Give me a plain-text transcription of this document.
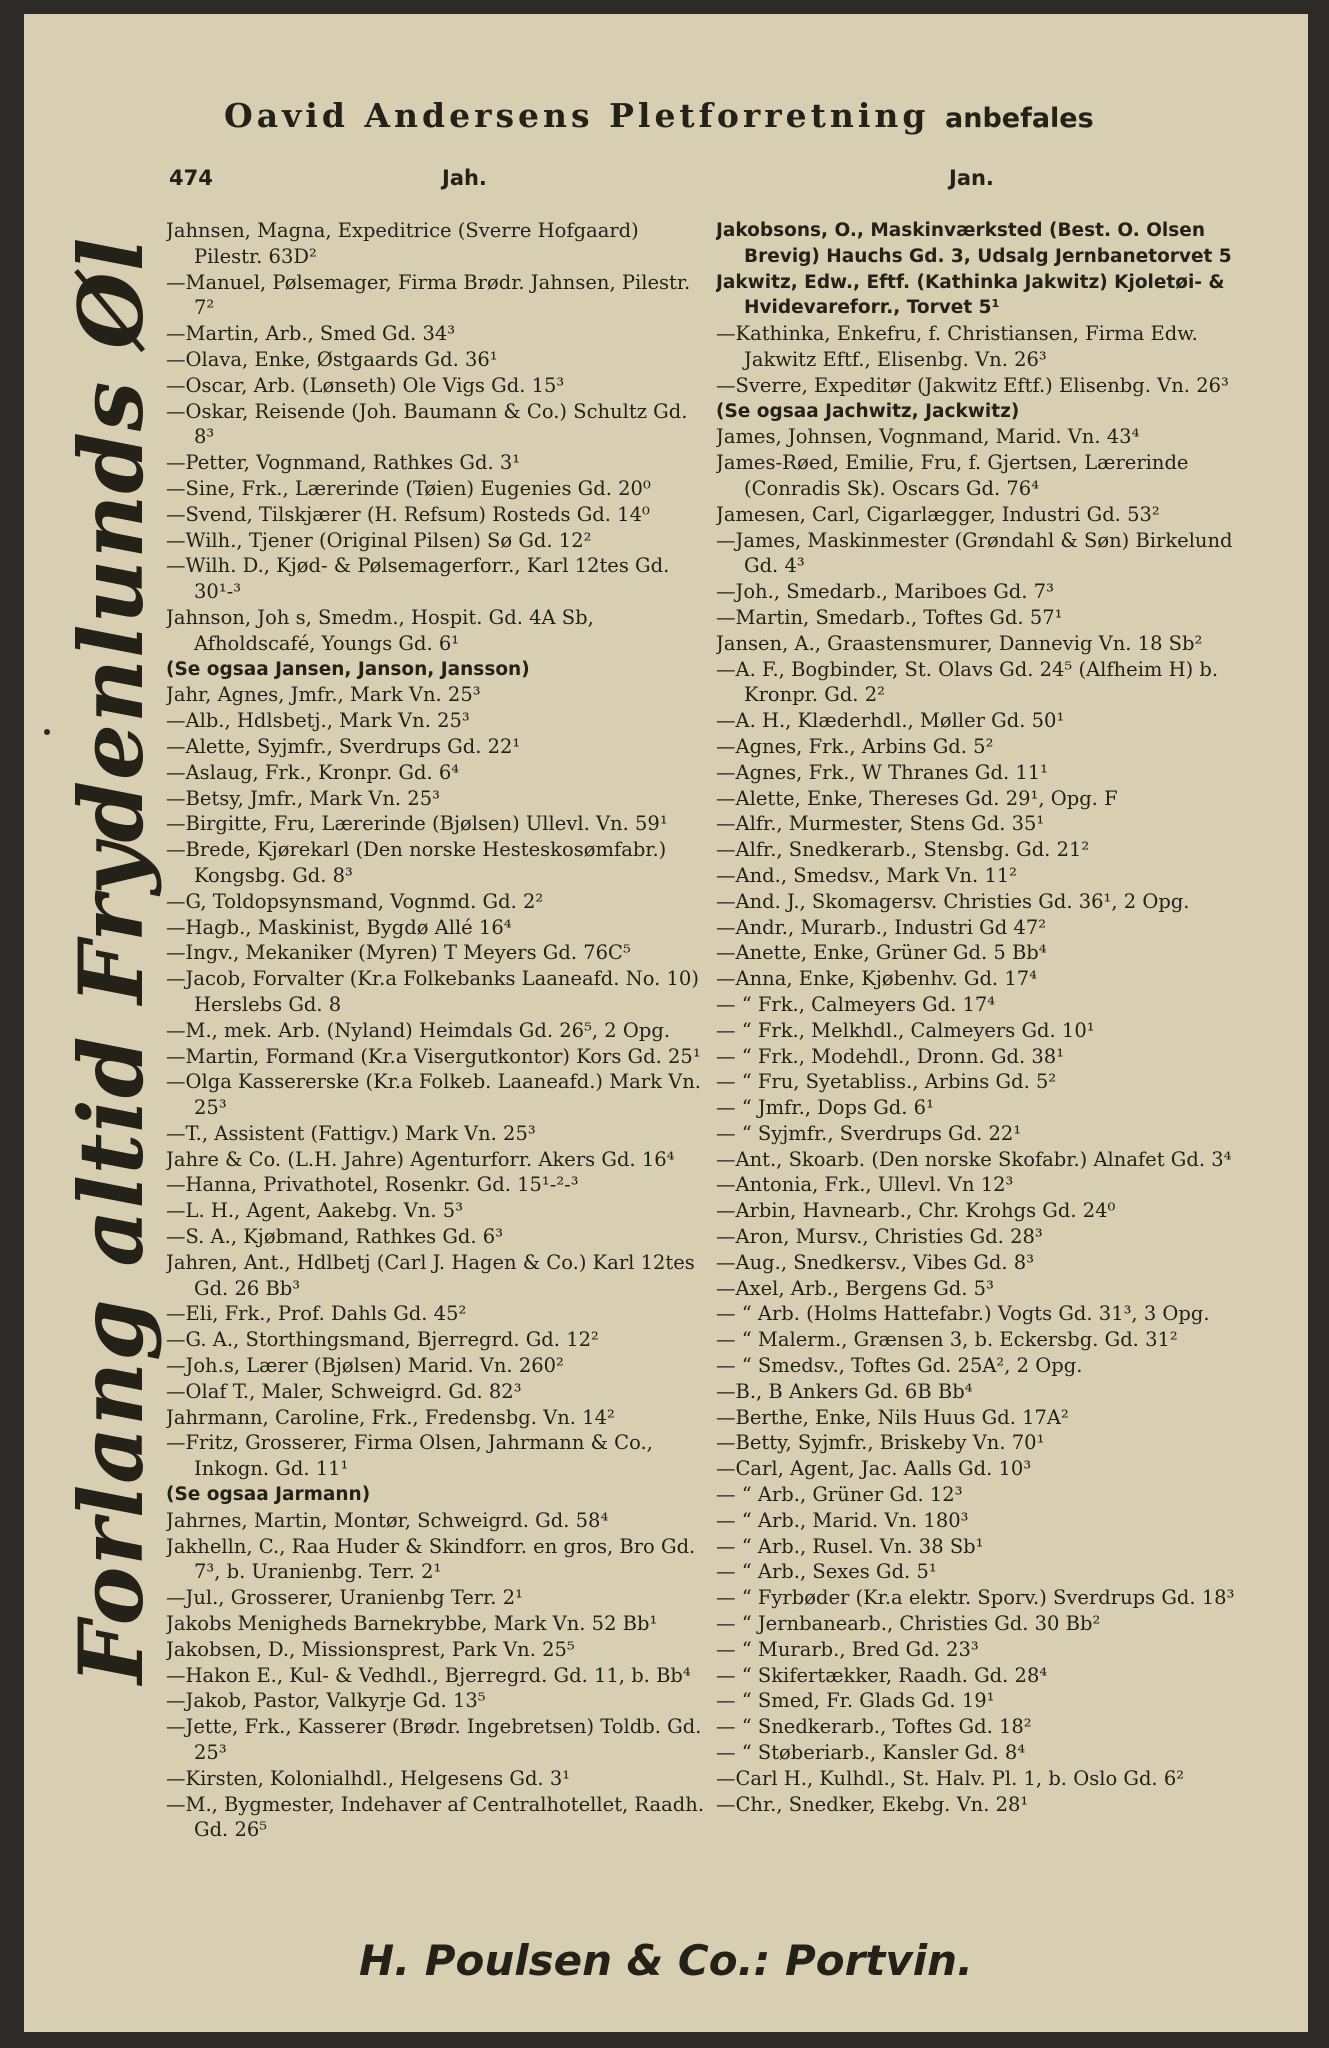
Oavid Andersens Pletforretning anbefales
474	Jah.	Jan.
Forlang altid Frydenlunds Øl
Jahnsen, Magna, Expeditrice (Sverre Hofgaard) Pilestr. 63D²
—Manuel, Pølsemager, Firma Brødr. Jahnsen, Pilestr. 7²
—Martin, Arb., Smed Gd. 34³
—Olava, Enke, Østgaards Gd. 36¹
—Oscar, Arb. (Lønseth) Ole Vigs Gd. 15³
—Oskar, Reisende (Joh. Baumann & Co.) Schultz Gd. 8³
—Petter, Vognmand, Rathkes Gd. 3¹
—Sine, Frk., Lærerinde (Tøien) Eugenies Gd. 20⁰
—Svend, Tilskjærer (H. Refsum) Rosteds Gd. 14⁰
—Wilh., Tjener (Original Pilsen) Sø Gd. 12²
—Wilh. D., Kjød- & Pølsemagerforr., Karl 12tes Gd. 30¹-³
Jahnson, Joh s, Smedm., Hospit. Gd. 4A Sb, Afholdscafé, Youngs Gd. 6¹
(Se ogsaa Jansen, Janson, Jansson)
Jahr, Agnes, Jmfr., Mark Vn. 25³
—Alb., Hdlsbetj., Mark Vn. 25³
—Alette, Syjmfr., Sverdrups Gd. 22¹
—Aslaug, Frk., Kronpr. Gd. 6⁴
—Betsy, Jmfr., Mark Vn. 25³
—Birgitte, Fru, Lærerinde (Bjølsen) Ullevl. Vn. 59¹
—Brede, Kjørekarl (Den norske Hesteskosømfabr.) Kongsbg. Gd. 8³
—G, Toldopsynsmand, Vognmd. Gd. 2²
—Hagb., Maskinist, Bygdø Allé 16⁴
—Ingv., Mekaniker (Myren) T Meyers Gd. 76C⁵
—Jacob, Forvalter (Kr.a Folkebanks Laaneafd. No. 10) Herslebs Gd. 8
—M., mek. Arb. (Nyland) Heimdals Gd. 26⁵, 2 Opg.
—Martin, Formand (Kr.a Visergutkontor) Kors Gd. 25¹
—Olga Kassererske (Kr.a Folkeb. Laaneafd.) Mark Vn. 25³
—T., Assistent (Fattigv.) Mark Vn. 25³
Jahre & Co. (L.H. Jahre) Agenturforr. Akers Gd. 16⁴
—Hanna, Privathotel, Rosenkr. Gd. 15¹-²-³
—L. H., Agent, Aakebg. Vn. 5³
—S. A., Kjøbmand, Rathkes Gd. 6³
Jahren, Ant., Hdlbetj (Carl J. Hagen & Co.) Karl 12tes Gd. 26 Bb³
—Eli, Frk., Prof. Dahls Gd. 45²
—G. A., Storthingsmand, Bjerregrd. Gd. 12²
—Joh.s, Lærer (Bjølsen) Marid. Vn. 260²
—Olaf T., Maler, Schweigrd. Gd. 82³
Jahrmann, Caroline, Frk., Fredensbg. Vn. 14²
—Fritz, Grosserer, Firma Olsen, Jahrmann & Co., Inkogn. Gd. 11¹
(Se ogsaa Jarmann)
Jahrnes, Martin, Montør, Schweigrd. Gd. 58⁴
Jakhelln, C., Raa Huder & Skindforr. en gros, Bro Gd. 7³, b. Uranienbg. Terr. 2¹
—Jul., Grosserer, Uranienbg Terr. 2¹
Jakobs Menigheds Barnekrybbe, Mark Vn. 52 Bb¹
Jakobsen, D., Missionsprest, Park Vn. 25⁵
—Hakon E., Kul- & Vedhdl., Bjerregrd. Gd. 11, b. Bb⁴
—Jakob, Pastor, Valkyrje Gd. 13⁵
—Jette, Frk., Kasserer (Brødr. Ingebretsen) Toldb. Gd. 25³
—Kirsten, Kolonialhdl., Helgesens Gd. 3¹
—M., Bygmester, Indehaver af Centralhotellet, Raadh. Gd. 26⁵
Jakobsons, O., Maskinværksted (Best. O. Olsen Brevig) Hauchs Gd. 3, Udsalg Jernbanetorvet 5
Jakwitz, Edw., Eftf. (Kathinka Jakwitz) Kjoletøi- & Hvidevareforr., Torvet 5¹
—Kathinka, Enkefru, f. Christiansen, Firma Edw. Jakwitz Eftf., Elisenbg. Vn. 26³
—Sverre, Expeditør (Jakwitz Eftf.) Elisenbg. Vn. 26³
(Se ogsaa Jachwitz, Jackwitz)
James, Johnsen, Vognmand, Marid. Vn. 43⁴
James-Røed, Emilie, Fru, f. Gjertsen, Lærerinde (Conradis Sk). Oscars Gd. 76⁴
Jamesen, Carl, Cigarlægger, Industri Gd. 53²
—James, Maskinmester (Grøndahl & Søn) Birkelund Gd. 4³
—Joh., Smedarb., Mariboes Gd. 7³
—Martin, Smedarb., Toftes Gd. 57¹
Jansen, A., Graastensmurer, Dannevig Vn. 18 Sb²
—A. F., Bogbinder, St. Olavs Gd. 24⁵ (Alfheim H) b. Kronpr. Gd. 2²
—A. H., Klæderhdl., Møller Gd. 50¹
—Agnes, Frk., Arbins Gd. 5²
—Agnes, Frk., W Thranes Gd. 11¹
—Alette, Enke, Thereses Gd. 29¹, Opg. F
—Alfr., Murmester, Stens Gd. 35¹
—Alfr., Snedkerarb., Stensbg. Gd. 21²
—And., Smedsv., Mark Vn. 11²
—And. J., Skomagersv. Christies Gd. 36¹, 2 Opg.
—Andr., Murarb., Industri Gd 47²
—Anette, Enke, Grüner Gd. 5 Bb⁴
—Anna, Enke, Kjøbenhv. Gd. 17⁴
— “ Frk., Calmeyers Gd. 17⁴
— “ Frk., Melkhdl., Calmeyers Gd. 10¹
— “ Frk., Modehdl., Dronn. Gd. 38¹
— “ Fru, Syetabliss., Arbins Gd. 5²
— “ Jmfr., Dops Gd. 6¹
— “ Syjmfr., Sverdrups Gd. 22¹
—Ant., Skoarb. (Den norske Skofabr.) Alnafet Gd. 3⁴
—Antonia, Frk., Ullevl. Vn 12³
—Arbin, Havnearb., Chr. Krohgs Gd. 24⁰
—Aron, Mursv., Christies Gd. 28³
—Aug., Snedkersv., Vibes Gd. 8³
—Axel, Arb., Bergens Gd. 5³
— “ Arb. (Holms Hattefabr.) Vogts Gd. 31³, 3 Opg.
— “ Malerm., Grænsen 3, b. Eckersbg. Gd. 31²
— “ Smedsv., Toftes Gd. 25A², 2 Opg.
—B., B Ankers Gd. 6B Bb⁴
—Berthe, Enke, Nils Huus Gd. 17A²
—Betty, Syjmfr., Briskeby Vn. 70¹
—Carl, Agent, Jac. Aalls Gd. 10³
— “ Arb., Grüner Gd. 12³
— “ Arb., Marid. Vn. 180³
— “ Arb., Rusel. Vn. 38 Sb¹
— “ Arb., Sexes Gd. 5¹
— “ Fyrbøder (Kr.a elektr. Sporv.) Sverdrups Gd. 18³
— “ Jernbanearb., Christies Gd. 30 Bb²
— “ Murarb., Bred Gd. 23³
— “ Skifertækker, Raadh. Gd. 28⁴
— “ Smed, Fr. Glads Gd. 19¹
— “ Snedkerarb., Toftes Gd. 18²
— “ Støberiarb., Kansler Gd. 8⁴
—Carl H., Kulhdl., St. Halv. Pl. 1, b. Oslo Gd. 6²
—Chr., Snedker, Ekebg. Vn. 28¹
H. Poulsen & Co.: Portvin.
